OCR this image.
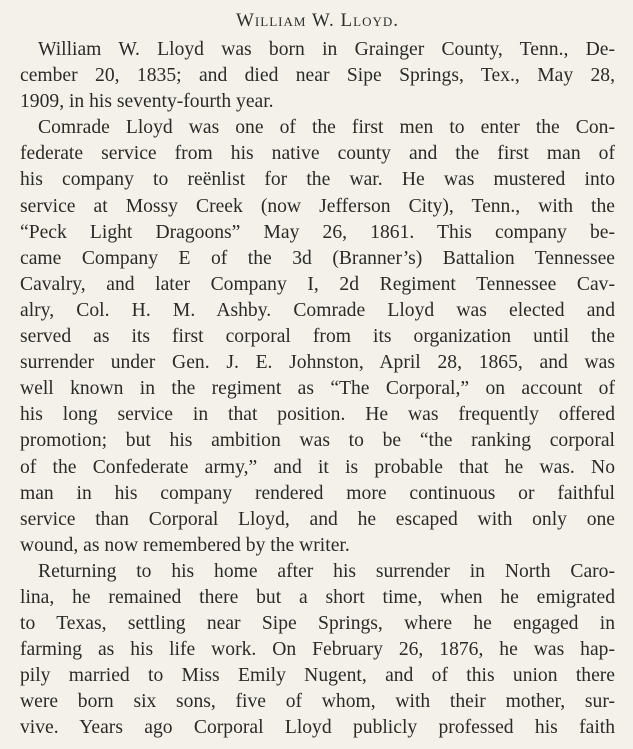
William W. Lloyd.
William W. Lloyd was born in Grainger County, Tenn., De-
cember 20, 1835; and died near Sipe Springs, Tex., May 28,
1909, in his seventy-fourth year.
Comrade Lloyd was one of the first men to enter the Con-
federate service from his native county and the first man of
his company to reënlist for the war. He was mustered into
service at Mossy Creek (now Jefferson City), Tenn., with the
“Peck Light Dragoons” May 26, 1861. This company be-
came Company E of the 3d (Branner’s) Battalion Tennessee
Cavalry, and later Company I, 2d Regiment Tennessee Cav-
alry, Col. H. M. Ashby. Comrade Lloyd was elected and
served as its first corporal from its organization until the
surrender under Gen. J. E. Johnston, April 28, 1865, and was
well known in the regiment as “The Corporal,” on account of
his long service in that position. He was frequently offered
promotion; but his ambition was to be “the ranking corporal
of the Confederate army,” and it is probable that he was. No
man in his company rendered more continuous or faithful
service than Corporal Lloyd, and he escaped with only one
wound, as now remembered by the writer.
Returning to his home after his surrender in North Caro-
lina, he remained there but a short time, when he emigrated
to Texas, settling near Sipe Springs, where he engaged in
farming as his life work. On February 26, 1876, he was hap-
pily married to Miss Emily Nugent, and of this union there
were born six sons, five of whom, with their mother, sur-
vive. Years ago Corporal Lloyd publicly professed his faith
